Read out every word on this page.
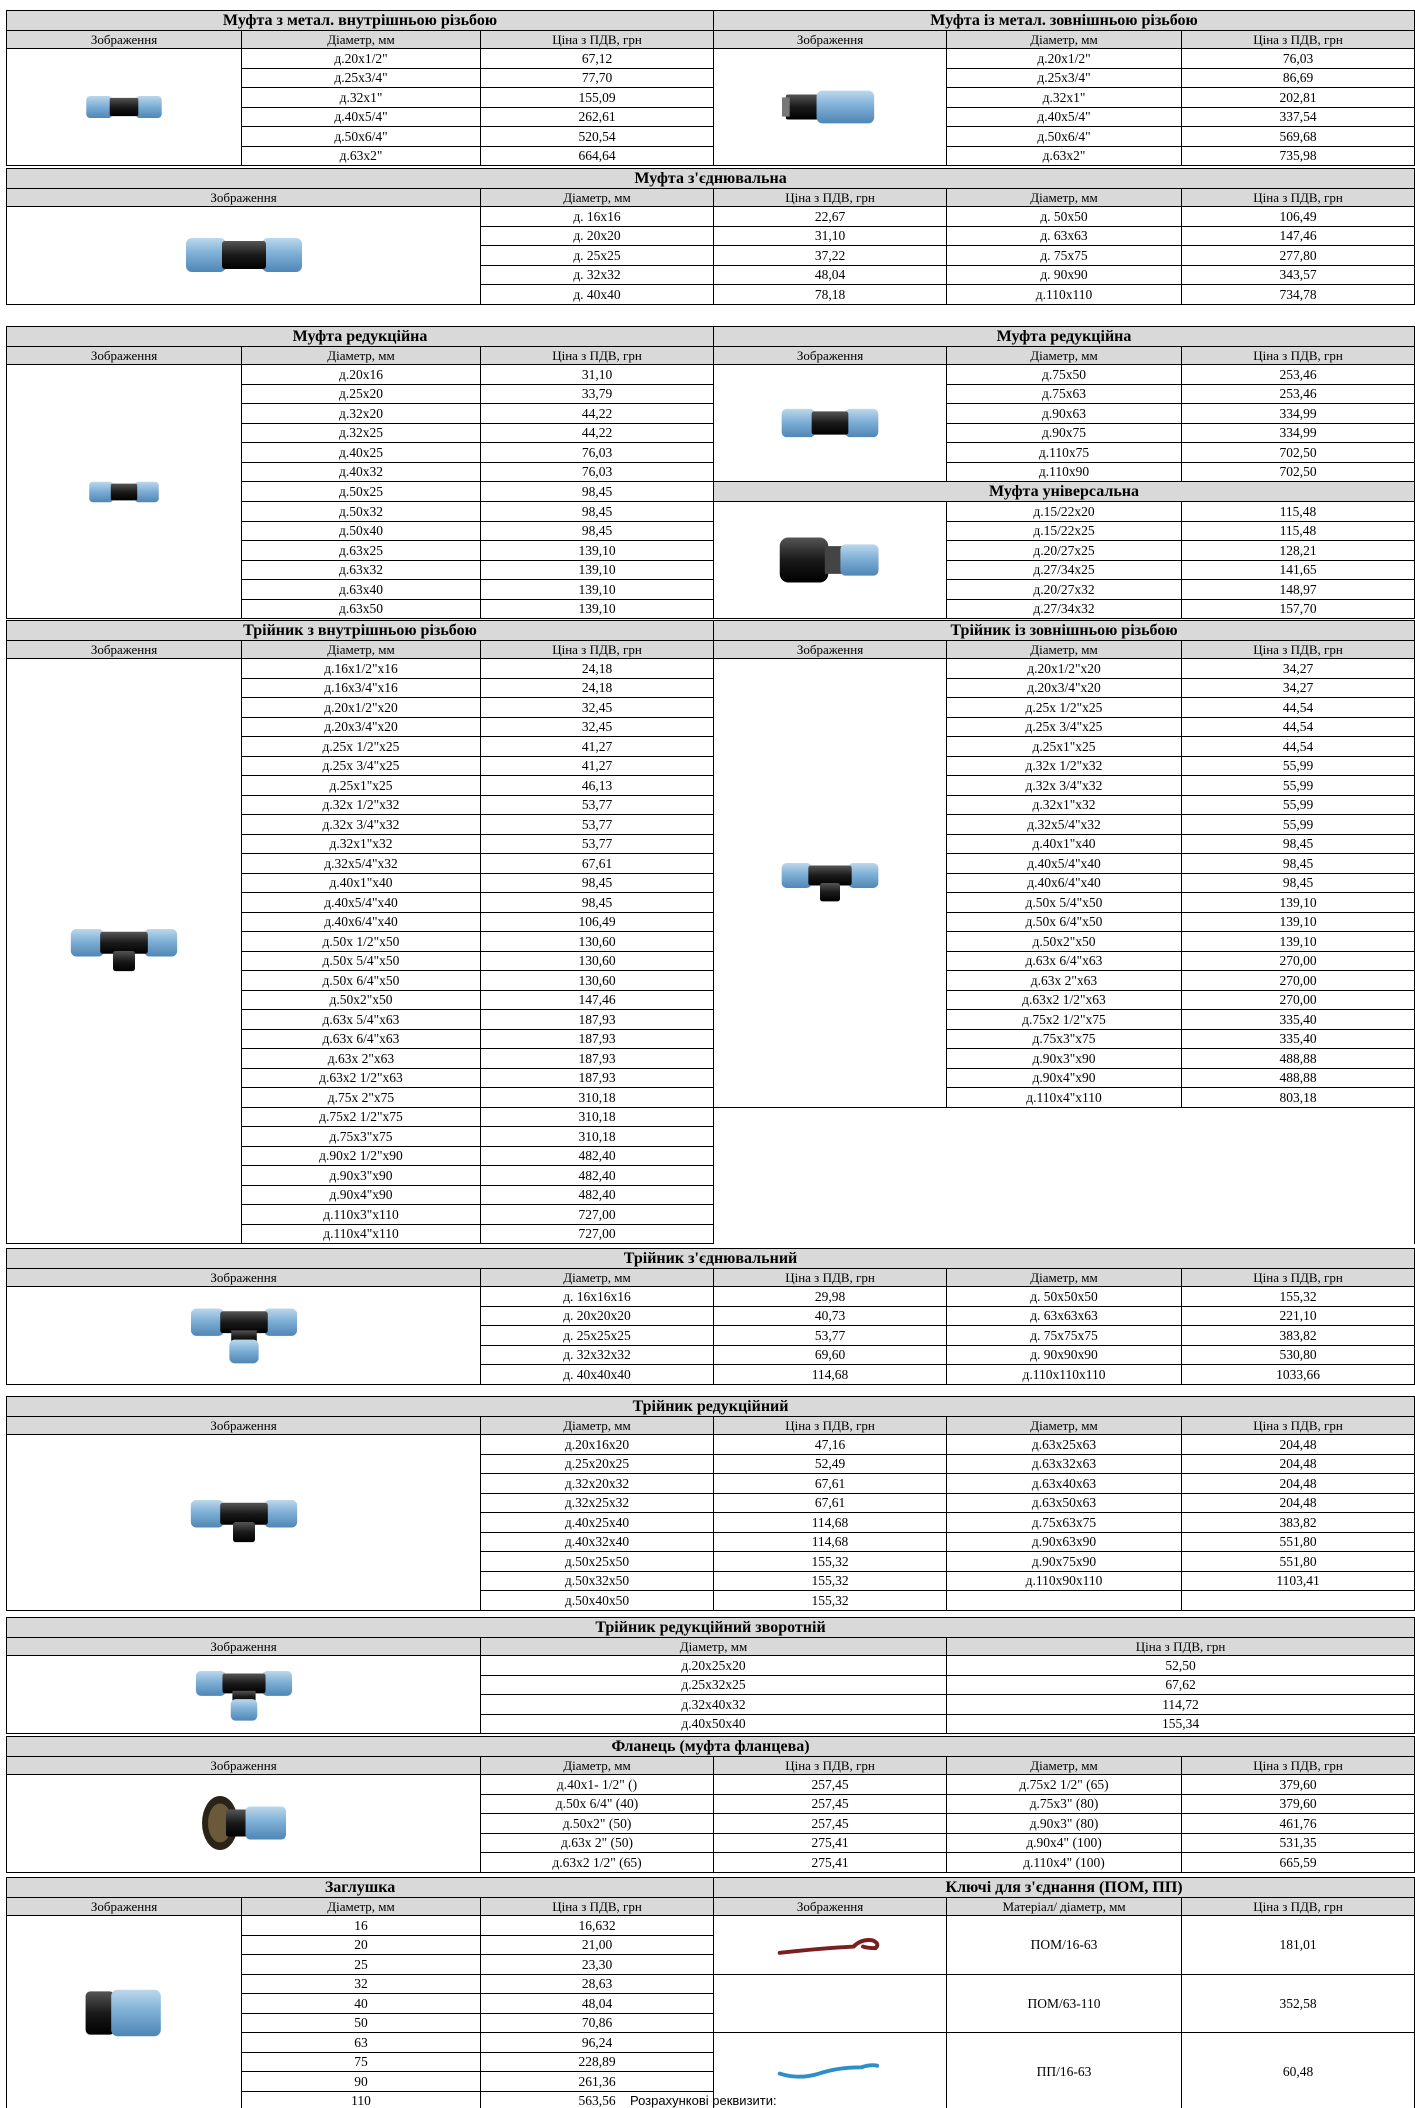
Муфта з метал. внутрішньою різьбою			Муфта із метал. зовнішньою різьбою		
Зображення	Діаметр, мм	Ціна з ПДВ, грн	Зображення	Діаметр, мм	Ціна з ПДВ, грн
	д.20х1/2"	67,12		д.20х1/2"	76,03
	д.25х3/4"	77,70		д.25х3/4"	86,69
	д.32х1"	155,09		д.32х1"	202,81
	д.40х5/4"	262,61		д.40х5/4"	337,54
	д.50х6/4"	520,54		д.50х6/4"	569,68
	д.63х2"	664,64		д.63х2"	735,98
Муфта з'єднювальна				
Зображення	Діаметр, мм	Ціна з ПДВ, грн	Діаметр, мм	Ціна з ПДВ, грн
	д. 16х16	22,67	д. 50х50	106,49
	д. 20х20	31,10	д. 63х63	147,46
	д. 25х25	37,22	д. 75х75	277,80
	д. 32х32	48,04	д. 90х90	343,57
	д. 40х40	78,18	д.110х110	734,78
Муфта редукційна			Муфта редукційна		
Зображення	Діаметр, мм	Ціна з ПДВ, грн	Зображення	Діаметр, мм	Ціна з ПДВ, грн
	д.20х16	31,10		д.75х50	253,46
	д.25х20	33,79		д.75х63	253,46
	д.32х20	44,22		д.90х63	334,99
	д.32х25	44,22		д.90х75	334,99
	д.40х25	76,03		д.110х75	702,50
	д.40х32	76,03		д.110х90	702,50
	д.50х25	98,45	Муфта універсальна		
	д.50х32	98,45		д.15/22х20	115,48
	д.50х40	98,45		д.15/22х25	115,48
	д.63х25	139,10		д.20/27х25	128,21
	д.63х32	139,10		д.27/34х25	141,65
	д.63х40	139,10		д.20/27х32	148,97
	д.63х50	139,10		д.27/34х32	157,70
Трійник з внутрішньою різьбою			Трійник із зовнішньою різьбою		
Зображення	Діаметр, мм	Ціна з ПДВ, грн	Зображення	Діаметр, мм	Ціна з ПДВ, грн
	д.16х1/2"х16	24,18		д.20х1/2"х20	34,27
	д.16х3/4"х16	24,18		д.20х3/4"х20	34,27
	д.20х1/2"х20	32,45		д.25х 1/2"х25	44,54
	д.20х3/4"х20	32,45		д.25х 3/4"х25	44,54
	д.25х 1/2"х25	41,27		д.25х1"х25	44,54
	д.25х 3/4"х25	41,27		д.32х 1/2"х32	55,99
	д.25х1"х25	46,13		д.32х 3/4"х32	55,99
	д.32х 1/2"х32	53,77		д.32х1"х32	55,99
	д.32х 3/4"х32	53,77		д.32х5/4"х32	55,99
	д.32х1"х32	53,77		д.40х1"х40	98,45
	д.32х5/4"х32	67,61		д.40х5/4"х40	98,45
	д.40х1"х40	98,45		д.40х6/4"х40	98,45
	д.40х5/4"х40	98,45		д.50х 5/4"х50	139,10
	д.40х6/4"х40	106,49		д.50х 6/4"х50	139,10
	д.50х 1/2"х50	130,60		д.50х2"х50	139,10
	д.50х 5/4"х50	130,60		д.63х 6/4"х63	270,00
	д.50х 6/4"х50	130,60		д.63х 2"х63	270,00
	д.50х2"х50	147,46		д.63х2 1/2"х63	270,00
	д.63х 5/4"х63	187,93		д.75х2 1/2"х75	335,40
	д.63х 6/4"х63	187,93		д.75х3"х75	335,40
	д.63х 2"х63	187,93		д.90х3"х90	488,88
	д.63х2 1/2"х63	187,93		д.90х4"х90	488,88
	д.75х 2"х75	310,18		д.110х4"х110	803,18
	д.75х2 1/2"х75	310,18			
	д.75х3"х75	310,18			
	д.90х2 1/2"х90	482,40			
	д.90х3"х90	482,40			
	д.90х4"х90	482,40			
	д.110х3"х110	727,00			
	д.110х4"х110	727,00			
Трійник з'єднювальний				
Зображення	Діаметр, мм	Ціна з ПДВ, грн	Діаметр, мм	Ціна з ПДВ, грн
	д. 16х16х16	29,98	д. 50х50х50	155,32
	д. 20х20х20	40,73	д. 63х63х63	221,10
	д. 25х25х25	53,77	д. 75х75х75	383,82
	д. 32х32х32	69,60	д. 90х90х90	530,80
	д. 40х40х40	114,68	д.110х110х110	1033,66
Трійник редукційний				
Зображення	Діаметр, мм	Ціна з ПДВ, грн	Діаметр, мм	Ціна з ПДВ, грн
	д.20х16х20	47,16	д.63х25х63	204,48
	д.25х20х25	52,49	д.63х32х63	204,48
	д.32х20х32	67,61	д.63х40х63	204,48
	д.32х25х32	67,61	д.63х50х63	204,48
	д.40х25х40	114,68	д.75х63х75	383,82
	д.40х32х40	114,68	д.90х63х90	551,80
	д.50х25х50	155,32	д.90х75х90	551,80
	д.50х32х50	155,32	д.110х90х110	1103,41
	д.50х40х50	155,32		
Трійник редукційний зворотній		
Зображення	Діаметр, мм	Ціна з ПДВ, грн
	д.20х25х20	52,50
	д.25х32х25	67,62
	д.32х40х32	114,72
	д.40х50х40	155,34
Фланець (муфта фланцева)				
Зображення	Діаметр, мм	Ціна з ПДВ, грн	Діаметр, мм	Ціна з ПДВ, грн
	д.40х1- 1/2" ()	257,45	д.75х2 1/2" (65)	379,60
	д.50х 6/4" (40)	257,45	д.75х3" (80)	379,60
	д.50х2" (50)	257,45	д.90х3" (80)	461,76
	д.63х 2" (50)	275,41	д.90х4" (100)	531,35
	д.63х2 1/2" (65)	275,41	д.110х4" (100)	665,59
Заглушка			Ключі для з'єднання (ПОМ, ПП)		
Зображення	Діаметр, мм	Ціна з ПДВ, грн	Зображення	Матеріал/ діаметр, мм	Ціна з ПДВ, грн
	16	16,632		ПОМ/16-63	181,01
	20	21,00			
	25	23,30			
	32	28,63		ПОМ/63-110	352,58
	40	48,04			
	50	70,86			
	63	96,24		ПП/16-63	60,48
	75	228,89			
	90	261,36			
	110	563,56			Розрахункові реквизити:
